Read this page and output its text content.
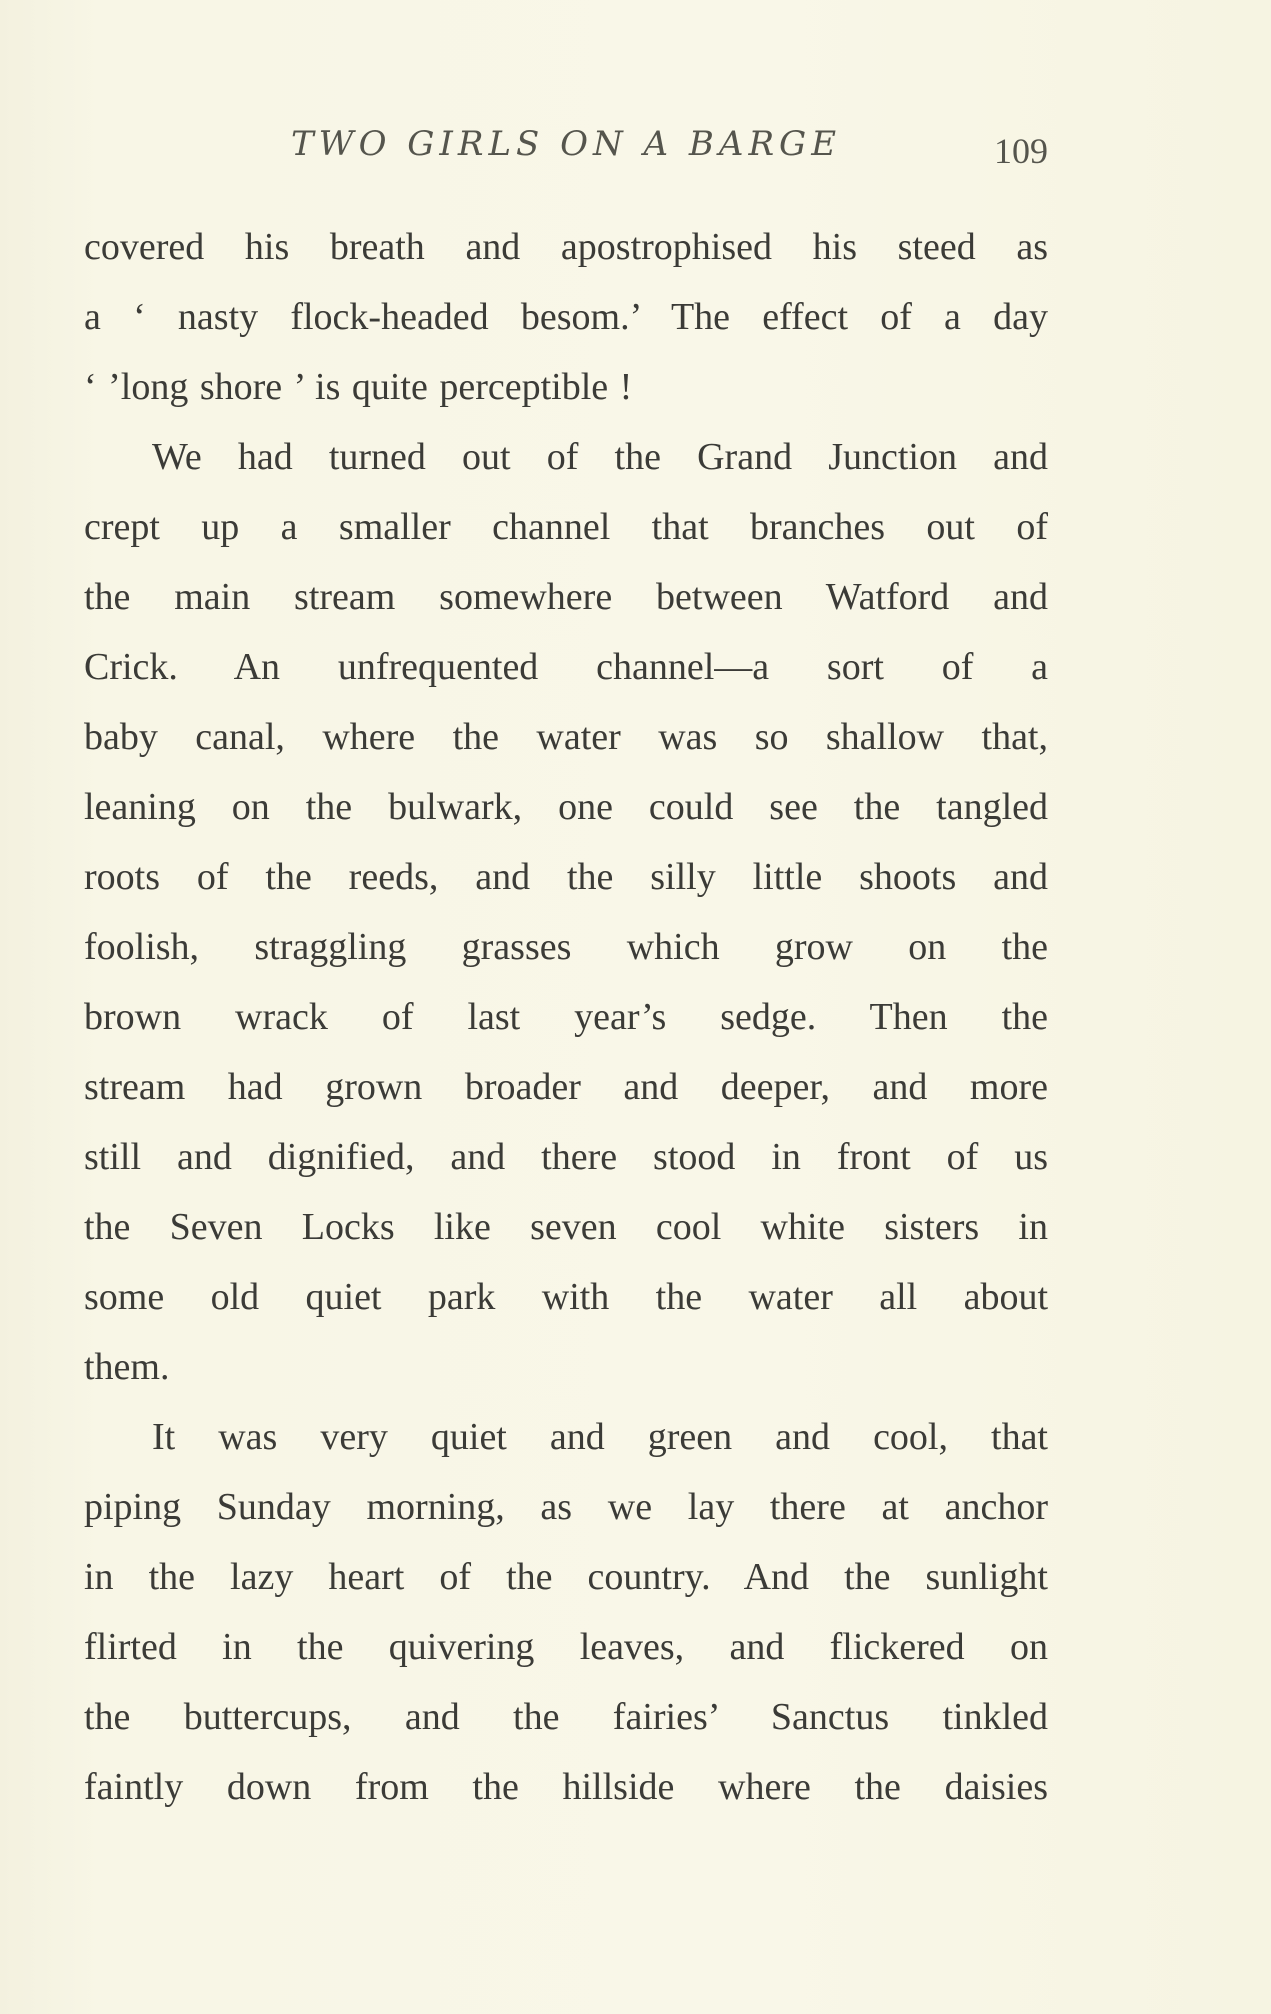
TWO GIRLS ON A BARGE	109
covered his breath and apostrophised his steed as
a ‘ nasty flock-headed besom.’ The effect of a day
‘ ’long shore ’ is quite perceptible !
We had turned out of the Grand Junction and
crept up a smaller channel that branches out of
the main stream somewhere between Watford and
Crick. An unfrequented channel—a sort of a
baby canal, where the water was so shallow that,
leaning on the bulwark, one could see the tangled
roots of the reeds, and the silly little shoots and
foolish, straggling grasses which grow on the
brown wrack of last year’s sedge. Then the
stream had grown broader and deeper, and more
still and dignified, and there stood in front of us
the Seven Locks like seven cool white sisters in
some old quiet park with the water all about
them.
It was very quiet and green and cool, that
piping Sunday morning, as we lay there at anchor
in the lazy heart of the country. And the sunlight
flirted in the quivering leaves, and flickered on
the buttercups, and the fairies’ Sanctus tinkled
faintly down from the hillside where the daisies
